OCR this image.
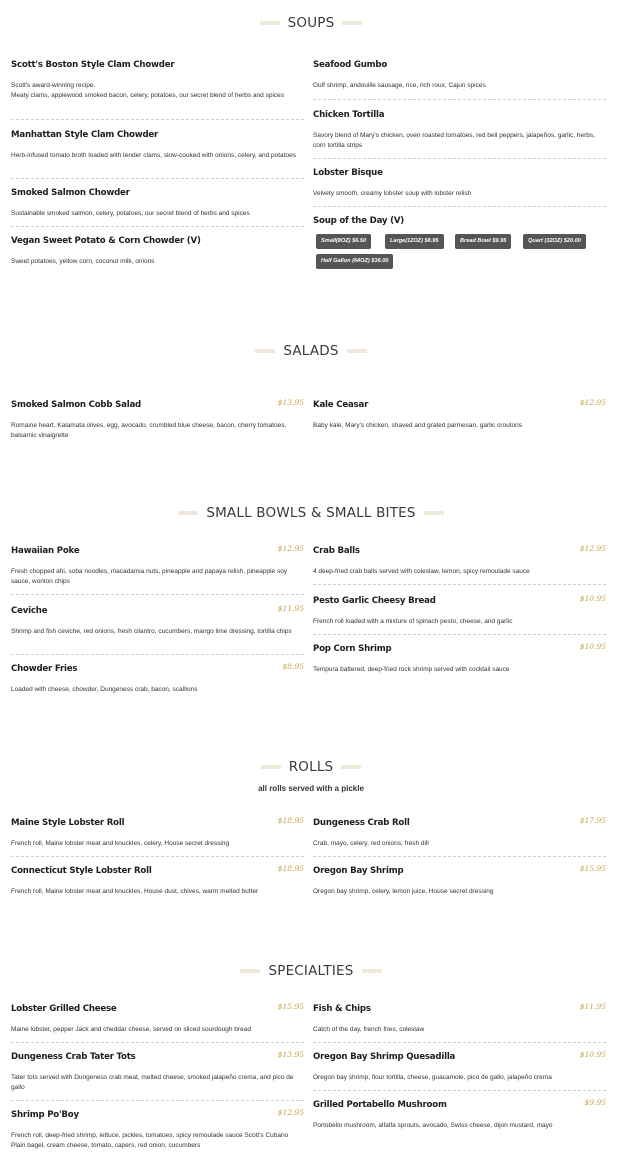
SOUPS
Scott's Boston Style Clam Chowder
Scott's award-winning recipe.
Meaty clams, applewood smoked bacon, celery, potatoes, our secret blend of herbs and spices
Manhattan Style Clam Chowder
Herb-infused tomato broth loaded with tender clams, slow-cooked with onions, celery, and potatoes
Smoked Salmon Chowder
Sustainable smoked salmon, celery, potatoes, our secret blend of herbs and spices
Vegan Sweet Potato & Corn Chowder (V)
Sweet potatoes, yellow corn, coconut milk, onions
Seafood Gumbo
Gulf shrimp, andouille sausage, rice, rich roux, Cajun spices
Chicken Tortilla
Savory blend of Mary's chicken, oven roasted tomatoes, red bell peppers, jalapeños, garlic, herbs, corn tortilla strips
Lobster Bisque
Velvety smooth, creamy lobster soup with lobster relish
Soup of the Day (V)
Small(8OZ) $6.50	Large(12OZ) $8.95	Bread Bowl $9.95	Quart (32OZ) $20.00
Half Gallon (64OZ) $36.00
SALADS
Smoked Salmon Cobb Salad	$13.95
Romaine heart, Kalamata olives, egg, avocado, crumbled blue cheese, bacon, cherry tomatoes, balsamic vinaigrette
Kale Ceasar	$12.95
Baby kale, Mary's chicken, shaved and grated parmesan, garlic croutons
SMALL BOWLS & SMALL BITES
Hawaiian Poke	$12.95
Fresh chopped ahi, soba noodles, macadamia nuts, pineapple and papaya relish, pineapple soy sauce, wonton chips
Ceviche	$11.95
Shrimp and fish ceviche, red onions, fresh cilantro, cucumbers, mango lime dressing, tortilla chips
Chowder Fries	$8.95
Loaded with cheese, chowder, Dungeness crab, bacon, scallions
Crab Balls	$12.95
4 deep-fried crab balls served with coleslaw, lemon, spicy remoulade sauce
Pesto Garlic Cheesy Bread	$10.95
French roll loaded with a mixture of spinach pesto, cheese, and garlic
Pop Corn Shrimp	$10.95
Tempura battered, deep-fried rock shrimp served with cocktail sauce
ROLLS
all rolls served with a pickle
Maine Style Lobster Roll	$18.95
French roll, Maine lobster meat and knuckles, celery, House secret dressing
Connecticut Style Lobster Roll	$18.95
French roll, Maine lobster meat and knuckles, House dust, chives, warm melted butter
Dungeness Crab Roll	$17.95
Crab, mayo, celery, red onions, fresh dill
Oregon Bay Shrimp	$15.95
Oregon bay shrimp, celery, lemon juice, House secret dressing
SPECIALTIES
Lobster Grilled Cheese	$15.95
Maine lobster, pepper Jack and cheddar cheese, served on sliced sourdough bread
Dungeness Crab Tater Tots	$13.95
Tater tots served with Dungeness crab meat, melted cheese, smoked jalapeño crema, and pico de gallo
Shrimp Po'Boy	$12.95
French roll, deep-fried shrimp, lettuce, pickles, tomatoes, spicy remoulade sauce Scott's Cubano Plain bagel, cream cheese, tomato, capers, red onion, cucumbers
Fish & Chips	$11.95
Catch of the day, french fries, coleslaw
Oregon Bay Shrimp Quesadilla	$10.95
Oregon bay shrimp, flour tortilla, cheese, guacamole, pico de gallo, jalapeño crema
Grilled Portabello Mushroom	$9.95
Portobello mushroom, alfalfa sprouts, avocado, Swiss cheese, dijon mustard, mayo
